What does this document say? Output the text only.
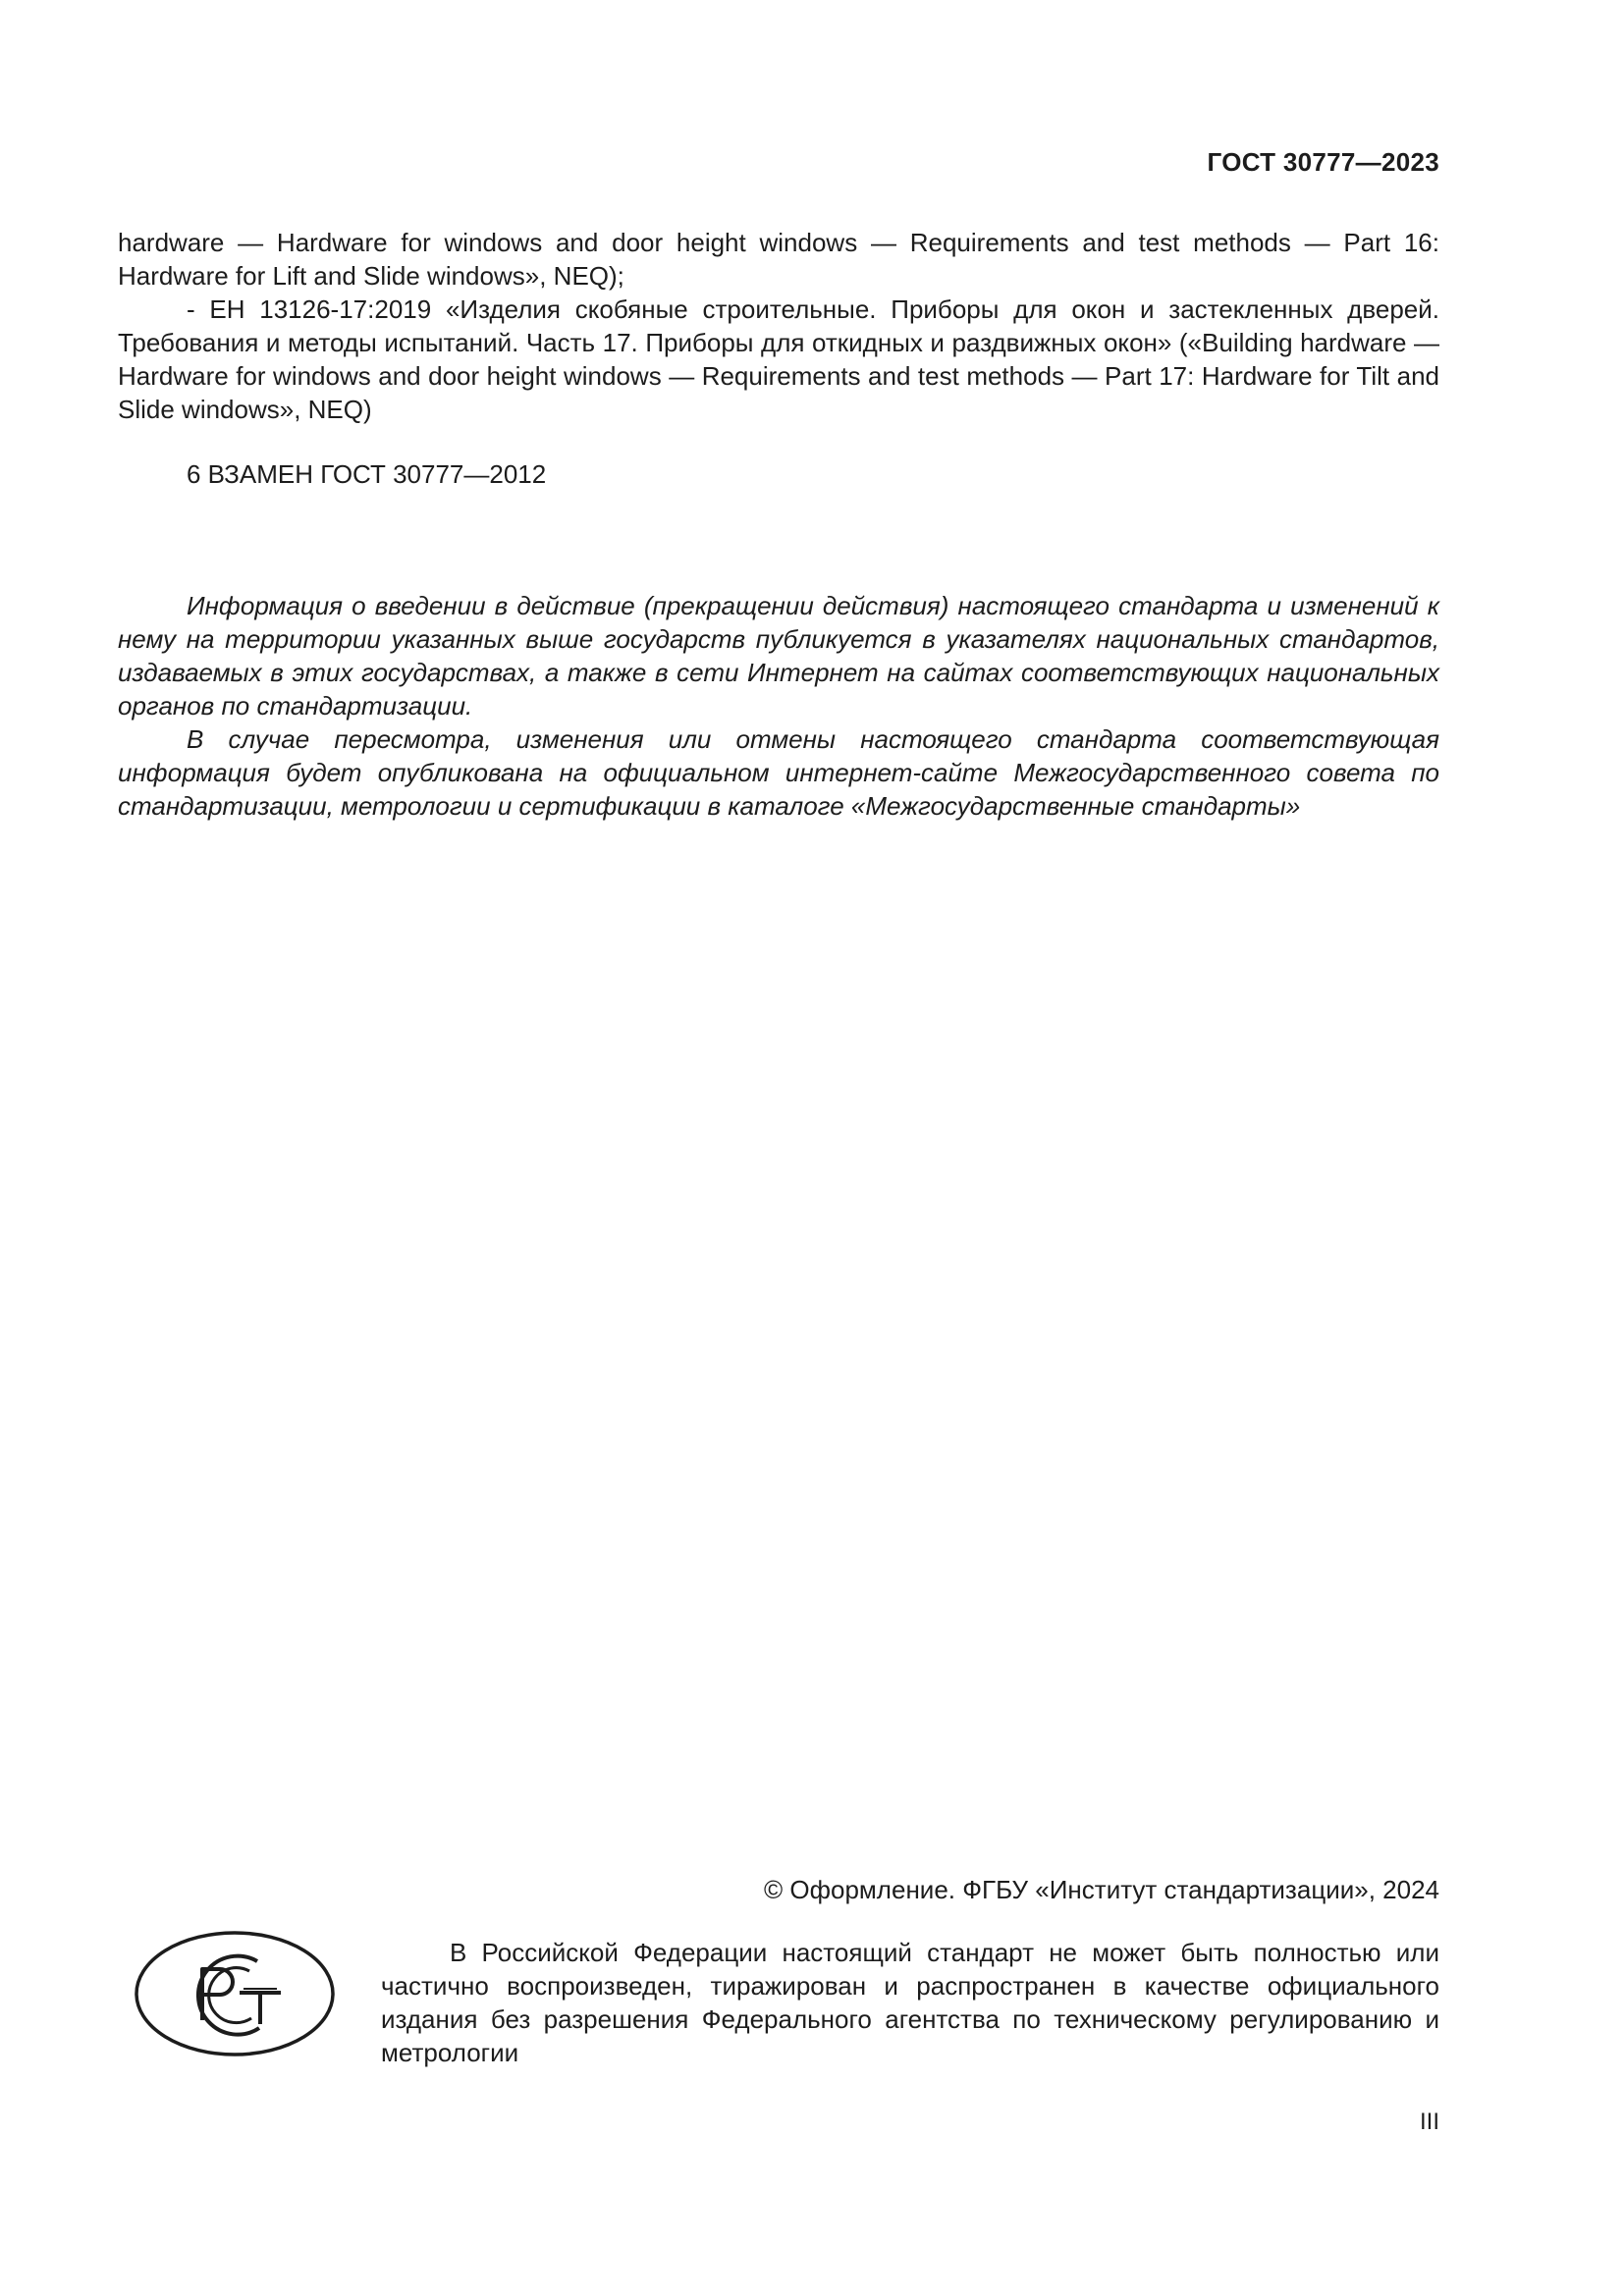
ГОСТ 30777—2023

hardware — Hardware for windows and door height windows — Requirements and test methods — Part 16: Hardware for Lift and Slide windows», NEQ);

- ЕН 13126-17:2019 «Изделия скобяные строительные. Приборы для окон и застекленных дверей. Требования и методы испытаний. Часть 17. Приборы для откидных и раздвижных окон» («Building hardware — Hardware for windows and door height windows — Requirements and test methods — Part 17: Hardware for Tilt and Slide windows», NEQ)

6 ВЗАМЕН ГОСТ 30777—2012

Информация о введении в действие (прекращении действия) настоящего стандарта и изменений к нему на территории указанных выше государств публикуется в указателях национальных стандартов, издаваемых в этих государствах, а также в сети Интернет на сайтах соответствующих национальных органов по стандартизации.

В случае пересмотра, изменения или отмены настоящего стандарта соответствующая информация будет опубликована на официальном интернет-сайте Межгосударственного совета по стандартизации, метрологии и сертификации в каталоге «Межгосударственные стандарты»

© Оформление. ФГБУ «Институт стандартизации», 2024

В Российской Федерации настоящий стандарт не может быть полностью или частично воспроизведен, тиражирован и распространен в качестве официального издания без разрешения Федерального агентства по техническому регулированию и метрологии

III
